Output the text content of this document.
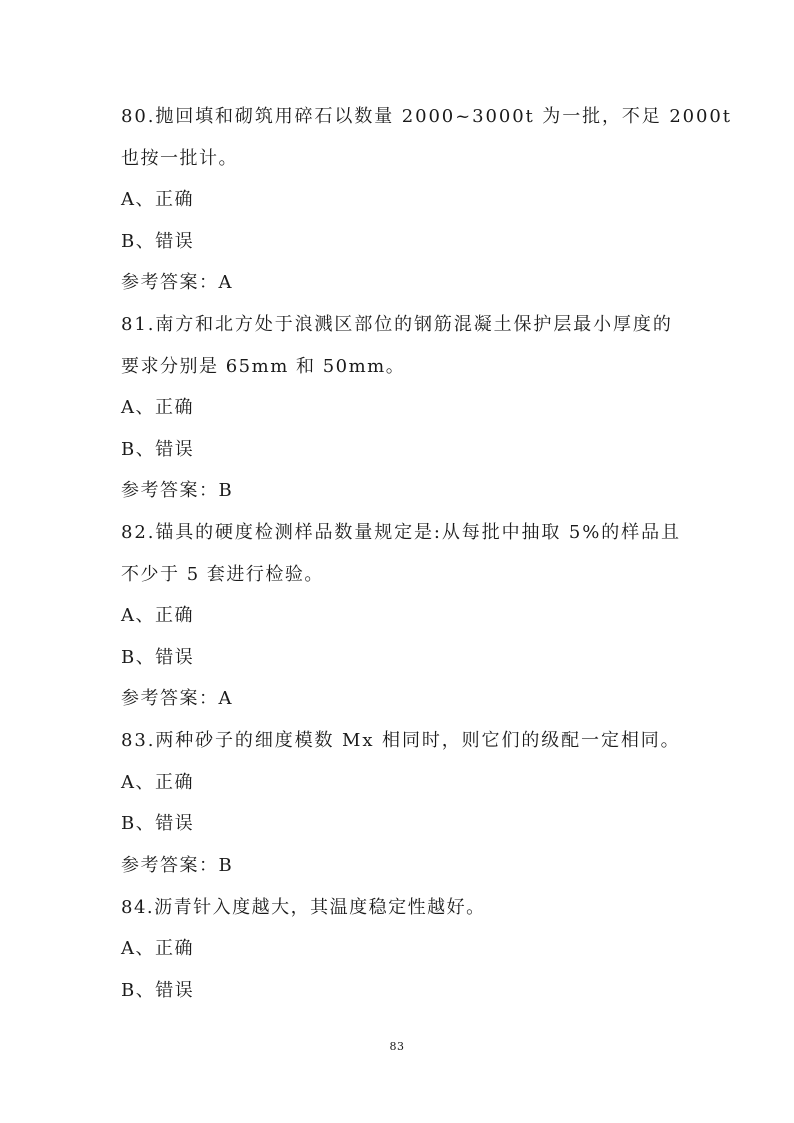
80.抛回填和砌筑用碎石以数量 2000~3000t 为一批，不足 2000t
也按一批计。
A、正确
B、错误
参考答案：A
81.南方和北方处于浪溅区部位的钢筋混凝土保护层最小厚度的
要求分别是 65mm 和 50mm。
A、正确
B、错误
参考答案：B
82.锚具的硬度检测样品数量规定是:从每批中抽取 5%的样品且
不少于 5 套进行检验。
A、正确
B、错误
参考答案：A
83.两种砂子的细度模数 Mx 相同时，则它们的级配一定相同。
A、正确
B、错误
参考答案：B
84.沥青针入度越大，其温度稳定性越好。
A、正确
B、错误
83
